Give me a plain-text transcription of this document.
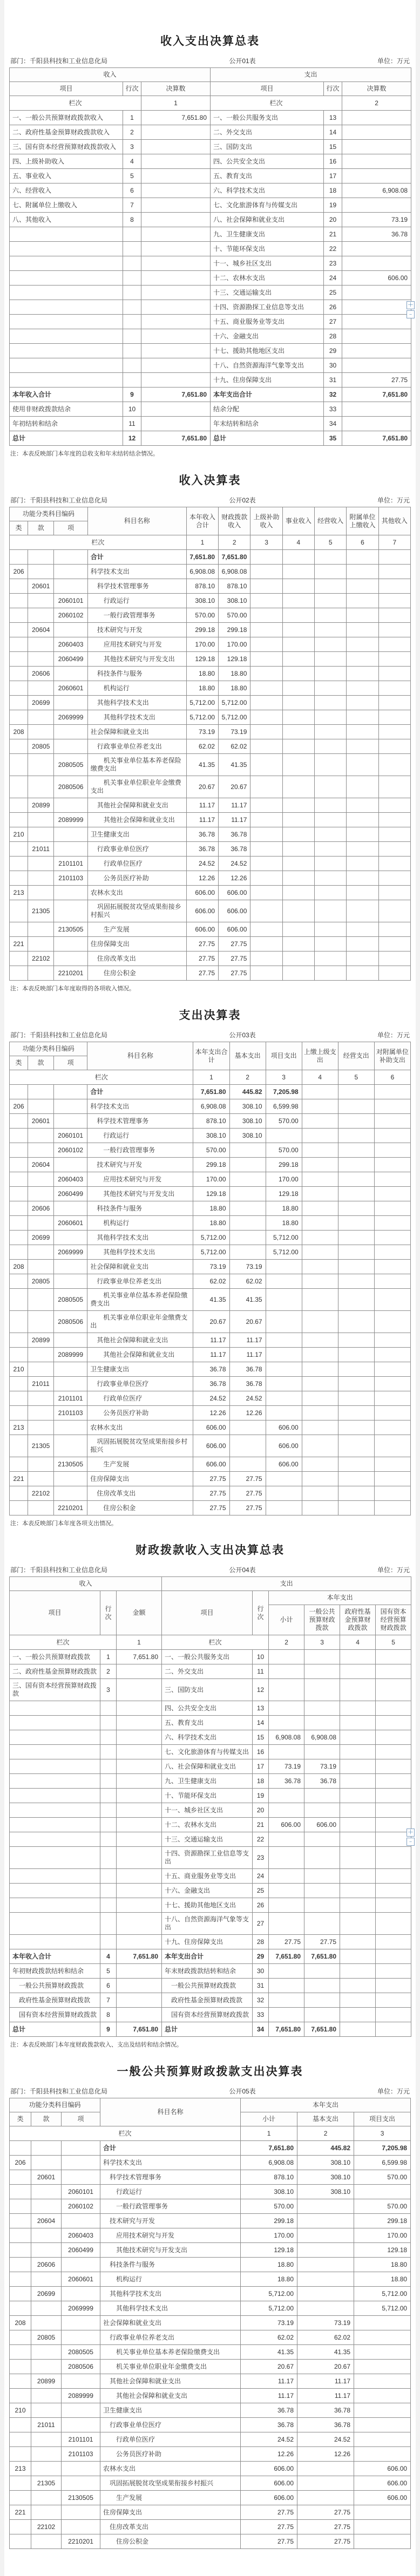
收入支出决算总表
部门：千阳县科技和工业信息化局	公开01表	单位：万元
收入			支出		
项目	行次	决算数	项目	行次	决算数
栏次		1	栏次		2
一、一般公共预算财政拨款收入	1	7,651.80	一、一般公共服务支出	13	
二、政府性基金预算财政拨款收入	2		二、外交支出	14	
三、国有资本经营预算财政拨款收入	3		三、国防支出	15	
四、上级补助收入	4		四、公共安全支出	16	
五、事业收入	5		五、教育支出	17	
六、经营收入	6		六、科学技术支出	18	6,908.08
七、附属单位上缴收入	7		七、文化旅游体育与传媒支出	19	
八、其他收入	8		八、社会保障和就业支出	20	73.19
			九、卫生健康支出	21	36.78
			十、节能环保支出	22	
			十一、城乡社区支出	23	
			十二、农林水支出	24	606.00
			十三、交通运输支出	25	
			十四、资源勘探工业信息等支出	26	
			十五、商业服务业等支出	27	
			十六、金融支出	28	
			十七、援助其他地区支出	29	
			十八、自然资源海洋气象等支出	30	
			十九、住房保障支出	31	27.75
本年收入合计	9	7,651.80	本年支出合计	32	7,651.80
使用非财政拨款结余	10		结余分配	33	
年初结转和结余	11		年末结转和结余	34	
总计	12	7,651.80	总计	35	7,651.80

注：本表反映部门本年度的总收支和年末结转结余情况。

收入决算表
部门：千阳县科技和工业信息化局	公开02表	单位：万元
功能分类科目编码			科目名称	本年收入合计	财政拨款收入	上级补助收入	事业收入	经营收入	附属单位上缴收入	其他收入
类	款	项								
栏次				1	2	3	4	5	6	7
			合计	7,651.80	7,651.80					
206			科学技术支出	6,908.08	6,908.08					
	20601		　科学技术管理事务	878.10	878.10					
		2060101	　　行政运行	308.10	308.10					
		2060102	　　一般行政管理事务	570.00	570.00					
	20604		　技术研究与开发	299.18	299.18					
		2060403	　　应用技术研究与开发	170.00	170.00					
		2060499	　　其他技术研究与开发支出	129.18	129.18					
	20606		　科技条件与服务	18.80	18.80					
		2060601	　　机构运行	18.80	18.80					
	20699		　其他科学技术支出	5,712.00	5,712.00					
		2069999	　　其他科学技术支出	5,712.00	5,712.00					
208			社会保障和就业支出	73.19	73.19					
	20805		　行政事业单位养老支出	62.02	62.02					
		2080505	　　机关事业单位基本养老保险缴费支出	41.35	41.35					
		2080506	　　机关事业单位职业年金缴费支出	20.67	20.67					
	20899		　其他社会保障和就业支出	11.17	11.17					
		2089999	　　其他社会保障和就业支出	11.17	11.17					
210			卫生健康支出	36.78	36.78					
	21011		　行政事业单位医疗	36.78	36.78					
		2101101	　　行政单位医疗	24.52	24.52					
		2101103	　　公务员医疗补助	12.26	12.26					
213			农林水支出	606.00	606.00					
	21305		　巩固拓展脱贫攻坚成果衔接乡村振兴	606.00	606.00					
		2130505	　　生产发展	606.00	606.00					
221			住房保障支出	27.75	27.75					
	22102		　住房改革支出	27.75	27.75					
		2210201	　　住房公积金	27.75	27.75					

注：本表反映部门本年度取得的各项收入情况。

支出决算表
部门：千阳县科技和工业信息化局	公开03表	单位：万元
功能分类科目编码			科目名称	本年支出合计	基本支出	项目支出	上缴上级支出	经营支出	对附属单位补助支出
类	款	项							
栏次				1	2	3	4	5	6
			合计	7,651.80	445.82	7,205.98			
206			科学技术支出	6,908.08	308.10	6,599.98			
	20601		　科学技术管理事务	878.10	308.10	570.00			
		2060101	　　行政运行	308.10	308.10				
		2060102	　　一般行政管理事务	570.00		570.00			
	20604		　技术研究与开发	299.18		299.18			
		2060403	　　应用技术研究与开发	170.00		170.00			
		2060499	　　其他技术研究与开发支出	129.18		129.18			
	20606		　科技条件与服务	18.80		18.80			
		2060601	　　机构运行	18.80		18.80			
	20699		　其他科学技术支出	5,712.00		5,712.00			
		2069999	　　其他科学技术支出	5,712.00		5,712.00			
208			社会保障和就业支出	73.19	73.19				
	20805		　行政事业单位养老支出	62.02	62.02				
		2080505	　　机关事业单位基本养老保险缴费支出	41.35	41.35				
		2080506	　　机关事业单位职业年金缴费支出	20.67	20.67				
	20899		　其他社会保障和就业支出	11.17	11.17				
		2089999	　　其他社会保障和就业支出	11.17	11.17				
210			卫生健康支出	36.78	36.78				
	21011		　行政事业单位医疗	36.78	36.78				
		2101101	　　行政单位医疗	24.52	24.52				
		2101103	　　公务员医疗补助	12.26	12.26				
213			农林水支出	606.00		606.00			
	21305		　巩固拓展脱贫攻坚成果衔接乡村振兴	606.00		606.00			
		2130505	　　生产发展	606.00		606.00			
221			住房保障支出	27.75	27.75				
	22102		　住房改革支出	27.75	27.75				
		2210201	　　住房公积金	27.75	27.75				

注：本表反映部门本年度各项支出情况。

财政拨款收入支出决算总表
部门：千阳县科技和工业信息化局	公开04表	单位：万元
收入			支出					
项目	行次	金额	项目	行次	本年支出			
					小计	一般公共预算财政拨款	政府性基金预算财政拨款	国有资本经营预算财政拨款
栏次		1	栏次		2	3	4	5
一、一般公共预算财政拨款	1	7,651.80	一、一般公共服务支出	10				
二、政府性基金预算财政拨款	2		二、外交支出	11				
三、国有资本经营预算财政拨款	3		三、国防支出	12				
			四、公共安全支出	13				
			五、教育支出	14				
			六、科学技术支出	15	6,908.08	6,908.08		
			七、文化旅游体育与传媒支出	16				
			八、社会保障和就业支出	17	73.19	73.19		
			九、卫生健康支出	18	36.78	36.78		
			十、节能环保支出	19				
			十一、城乡社区支出	20				
			十二、农林水支出	21	606.00	606.00		
			十三、交通运输支出	22				
			十四、资源勘探工业信息等支出	23				
			十五、商业服务业等支出	24				
			十六、金融支出	25				
			十七、援助其他地区支出	26				
			十八、自然资源海洋气象等支出	27				
			十九、住房保障支出	28	27.75	27.75		
本年收入合计	4	7,651.80	本年支出合计	29	7,651.80	7,651.80		
年初财政拨款结转和结余	5		年末财政拨款结转和结余	30				
　一般公共预算财政拨款	6		　一般公共预算财政拨款	31				
　政府性基金预算财政拨款	7		　政府性基金预算财政拨款	32				
　国有资本经营预算财政拨款	8		　国有资本经营预算财政拨款	33				
总计	9	7,651.80	总计	34	7,651.80	7,651.80		

注：本表反映部门本年度财政拨款收入、支出及结转和结余情况。

一般公共预算财政拨款支出决算表
部门：千阳县科技和工业信息化局	公开05表	单位：万元
功能分类科目编码			科目名称	本年支出		
类	款	项		小计	基本支出	项目支出
栏次				1	2	3
			合计	7,651.80	445.82	7,205.98
206			科学技术支出	6,908.08	308.10	6,599.98
	20601		　科学技术管理事务	878.10	308.10	570.00
		2060101	　　行政运行	308.10	308.10	
		2060102	　　一般行政管理事务	570.00		570.00
	20604		　技术研究与开发	299.18		299.18
		2060403	　　应用技术研究与开发	170.00		170.00
		2060499	　　其他技术研究与开发支出	129.18		129.18
	20606		　科技条件与服务	18.80		18.80
		2060601	　　机构运行	18.80		18.80
	20699		　其他科学技术支出	5,712.00		5,712.00
		2069999	　　其他科学技术支出	5,712.00		5,712.00
208			社会保障和就业支出	73.19	73.19	
	20805		　行政事业单位养老支出	62.02	62.02	
		2080505	　　机关事业单位基本养老保险缴费支出	41.35	41.35	
		2080506	　　机关事业单位职业年金缴费支出	20.67	20.67	
	20899		　其他社会保障和就业支出	11.17	11.17	
		2089999	　　其他社会保障和就业支出	11.17	11.17	
210			卫生健康支出	36.78	36.78	
	21011		　行政事业单位医疗	36.78	36.78	
		2101101	　　行政单位医疗	24.52	24.52	
		2101103	　　公务员医疗补助	12.26	12.26	
213			农林水支出	606.00		606.00
	21305		　巩固拓展脱贫攻坚成果衔接乡村振兴	606.00		606.00
		2130505	　　生产发展	606.00		606.00
221			住房保障支出	27.75	27.75	
	22102		　住房改革支出	27.75	27.75	
		2210201	　　住房公积金	27.75	27.75	
＋
﹣
＋
﹣
